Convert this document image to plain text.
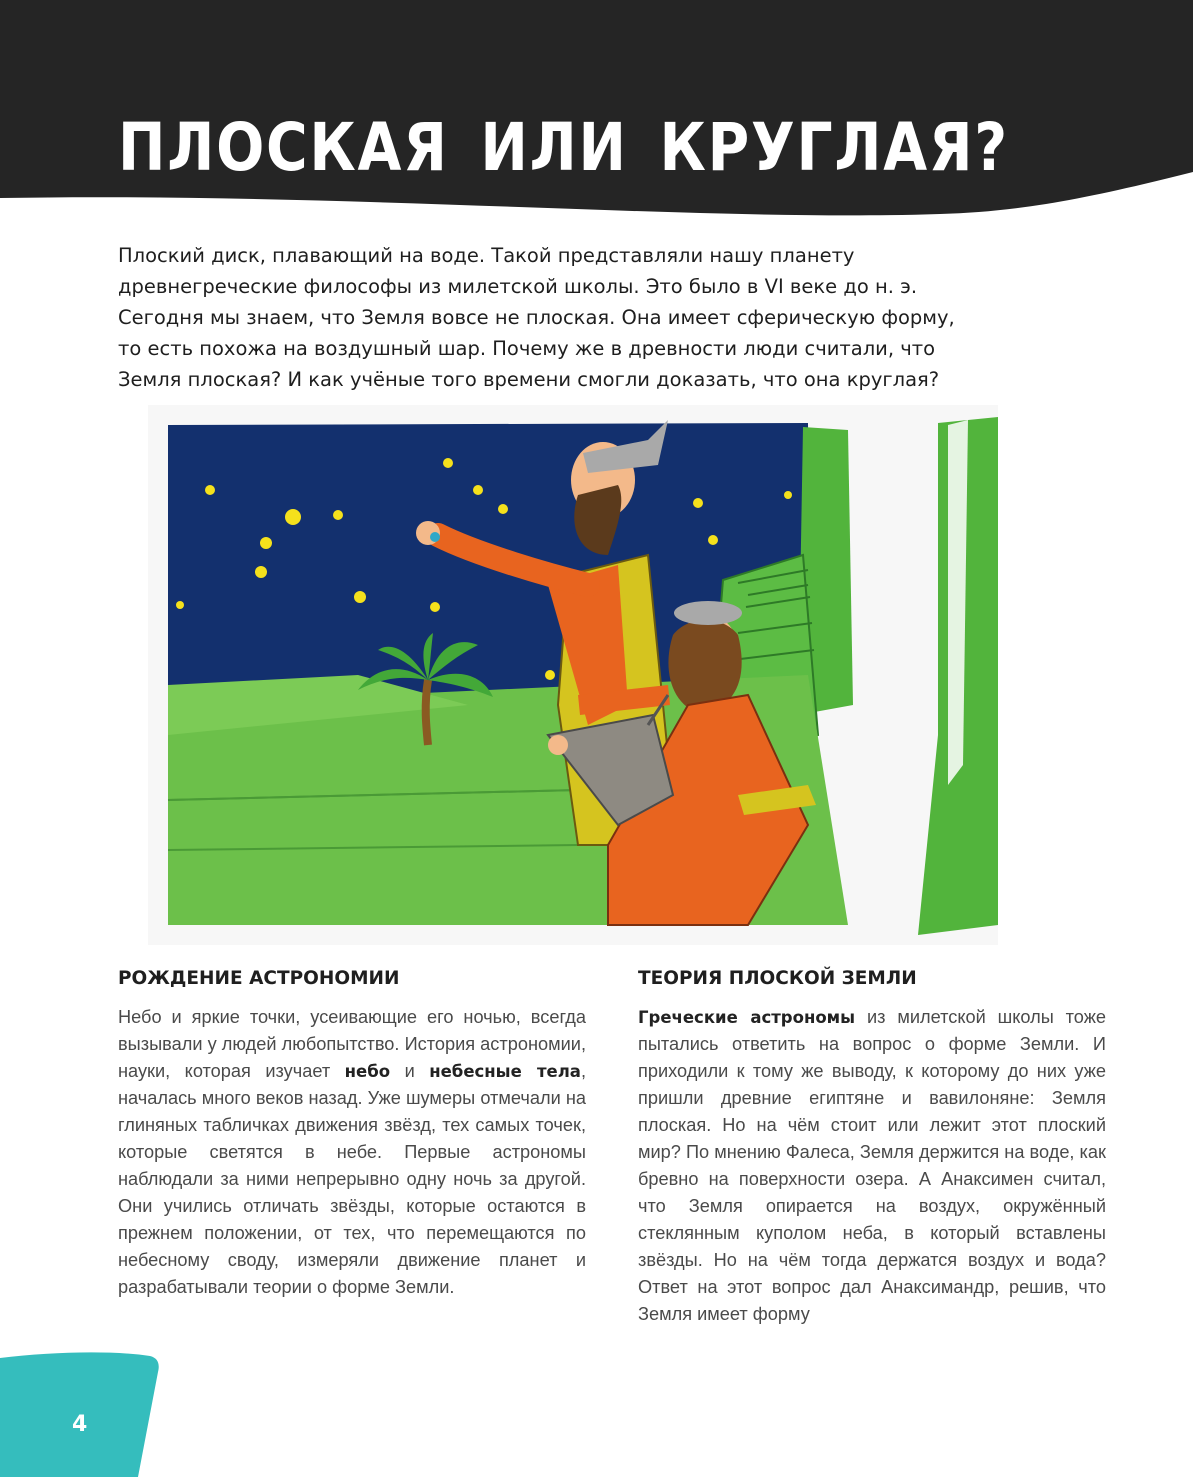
ПЛОСКАЯ ИЛИ КРУГЛАЯ?

Плоский диск, плавающий на воде. Такой представляли нашу планету

древнегреческие философы из милетской школы. Это было в VI веке до н. э.

Сегодня мы знаем, что Земля вовсе не плоская. Она имеет сферическую форму,

то есть похожа на воздушный шар. Почему же в древности люди считали, что

Земля плоская? И как учёные того времени смогли доказать, что она круглая?

РОЖДЕНИЕ АСТРОНОМИИ

Небо и яркие точки, усеивающие его ночью, всегда вызывали у людей любопытство. История астрономии, науки, которая изучает небо и небесные тела, началась много веков назад. Уже шумеры отмечали на глиняных табличках движения звёзд, тех самых точек, которые светятся в небе. Первые астрономы наблюдали за ними непрерывно одну ночь за другой. Они учились отличать звёзды, которые остаются в прежнем положении, от тех, что перемещаются по небесному своду, измеряли движение планет и разрабатывали теории о форме Земли.

ТЕОРИЯ ПЛОСКОЙ ЗЕМЛИ

Греческие астрономы из милетской школы тоже пытались ответить на вопрос о форме Земли. И приходили к тому же выводу, к которому до них уже пришли древние египтяне и вавилоняне: Земля плоская. Но на чём стоит или лежит этот плоский мир? По мнению Фалеса, Земля держится на воде, как бревно на поверхности озера. А Анаксимен считал, что Земля опирается на воздух, окружённый стеклянным куполом неба, в который вставлены звёзды. Но на чём тогда держатся воздух и вода? Ответ на этот вопрос дал Анаксимандр, решив, что Земля имеет форму

4
